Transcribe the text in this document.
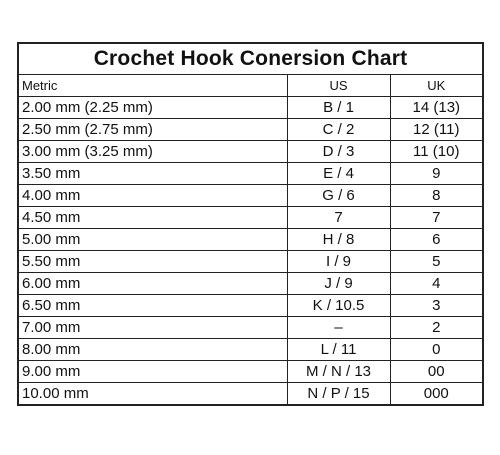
Crochet Hook Conersion Chart		
Metric	US	UK
2.00 mm (2.25 mm)	B / 1	14 (13)
2.50 mm (2.75 mm)	C / 2	12 (11)
3.00 mm (3.25 mm)	D / 3	11 (10)
3.50 mm	E / 4	9
4.00 mm	G / 6	8
4.50 mm	7	7
5.00 mm	H / 8	6
5.50 mm	I / 9	5
6.00 mm	J / 9	4
6.50 mm	K / 10.5	3
7.00 mm	–	2
8.00 mm	L / 11	0
9.00 mm	M / N / 13	00
10.00 mm	N / P / 15	000
